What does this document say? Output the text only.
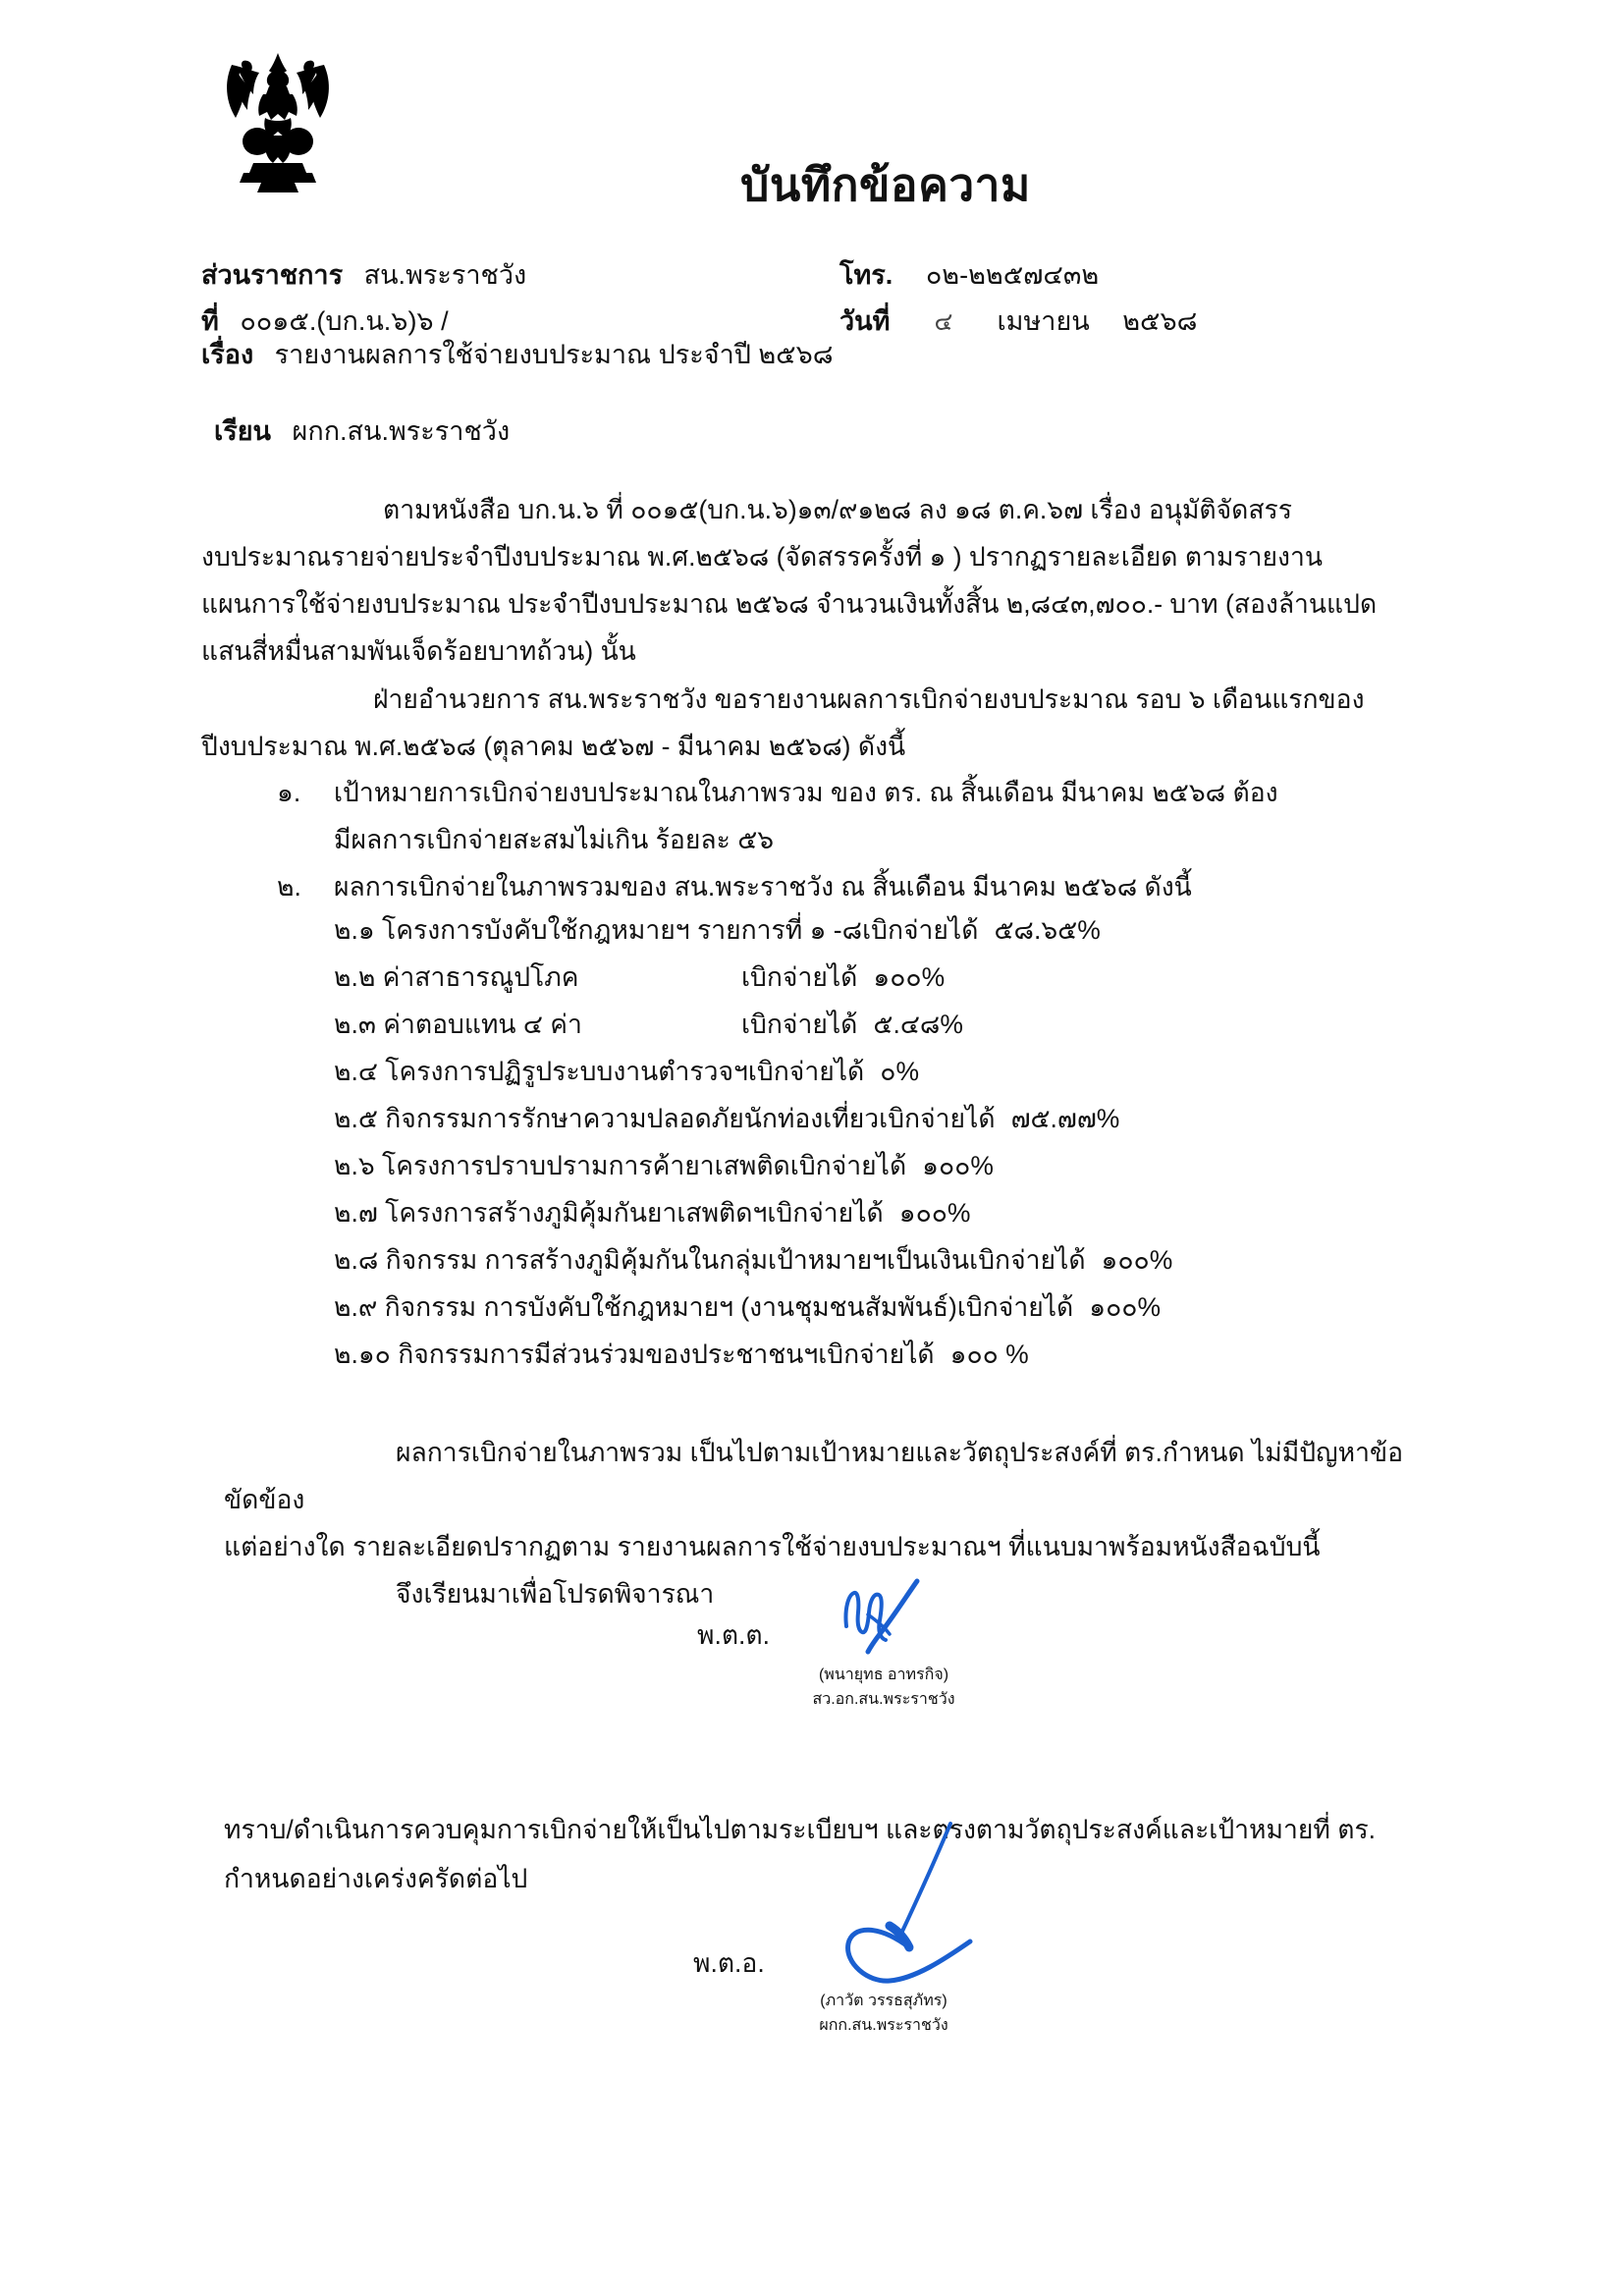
บันทึกข้อความ
ส่วนราชการ สน.พระราชวัง	โทร. ๐๒-๒๒๕๗๔๓๒
ที่ ๐๐๑๕.(บก.น.๖)๖ /	วันที่ ๔ เมษายน ๒๕๖๘
เรื่อง รายงานผลการใช้จ่ายงบประมาณ ประจำปี ๒๕๖๘
เรียน ผกก.สน.พระราชวัง
ตามหนังสือ บก.น.๖ ที่ ๐๐๑๕(บก.น.๖)๑๓/๙๑๒๘ ลง ๑๘ ต.ค.๖๗ เรื่อง อนุมัติจัดสรร
งบประมาณรายจ่ายประจำปีงบประมาณ พ.ศ.๒๕๖๘ (จัดสรรครั้งที่ ๑ ) ปรากฏรายละเอียด ตามรายงาน
แผนการใช้จ่ายงบประมาณ ประจำปีงบประมาณ ๒๕๖๘ จำนวนเงินทั้งสิ้น ๒,๘๔๓,๗๐๐.- บาท (สองล้านแปด
แสนสี่หมื่นสามพันเจ็ดร้อยบาทถ้วน) นั้น
ฝ่ายอำนวยการ สน.พระราชวัง ขอรายงานผลการเบิกจ่ายงบประมาณ รอบ ๖ เดือนแรกของ
ปีงบประมาณ พ.ศ.๒๕๖๘ (ตุลาคม ๒๕๖๗ - มีนาคม ๒๕๖๘) ดังนี้
๑.	เป้าหมายการเบิกจ่ายงบประมาณในภาพรวม ของ ตร. ณ สิ้นเดือน มีนาคม ๒๕๖๘ ต้อง
มีผลการเบิกจ่ายสะสมไม่เกิน ร้อยละ ๕๖
๒.	ผลการเบิกจ่ายในภาพรวมของ สน.พระราชวัง ณ สิ้นเดือน มีนาคม ๒๕๖๘ ดังนี้
๒.๑ โครงการบังคับใช้กฎหมายฯ รายการที่ ๑ -๘ เบิกจ่ายได้ ๕๘.๖๕%
๒.๒ ค่าสาธารณูปโภค	เบิกจ่ายได้ ๑๐๐%
๒.๓ ค่าตอบแทน ๔ ค่า	เบิกจ่ายได้ ๕.๔๘%
๒.๔ โครงการปฏิรูประบบงานตำรวจฯ เบิกจ่ายได้ ๐%
๒.๕ กิจกรรมการรักษาความปลอดภัยนักท่องเที่ยว เบิกจ่ายได้ ๗๕.๗๗%
๒.๖ โครงการปราบปรามการค้ายาเสพติด เบิกจ่ายได้ ๑๐๐%
๒.๗ โครงการสร้างภูมิคุ้มกันยาเสพติดฯ เบิกจ่ายได้ ๑๐๐%
๒.๘ กิจกรรม การสร้างภูมิคุ้มกันในกลุ่มเป้าหมายฯเป็นเงิน เบิกจ่ายได้ ๑๐๐%
๒.๙ กิจกรรม การบังคับใช้กฎหมายฯ (งานชุมชนสัมพันธ์) เบิกจ่ายได้ ๑๐๐%
๒.๑๐ กิจกรรมการมีส่วนร่วมของประชาชนฯ เบิกจ่ายได้ ๑๐๐ %
ผลการเบิกจ่ายในภาพรวม เป็นไปตามเป้าหมายและวัตถุประสงค์ที่ ตร.กำหนด ไม่มีปัญหาข้อขัดข้อง
แต่อย่างใด รายละเอียดปรากฏตาม รายงานผลการใช้จ่ายงบประมาณฯ ที่แนบมาพร้อมหนังสือฉบับนี้
จึงเรียนมาเพื่อโปรดพิจารณา
พ.ต.ต.
(พนายุทธ อาทรกิจ)
สว.อก.สน.พระราชวัง
ทราบ/ดำเนินการควบคุมการเบิกจ่ายให้เป็นไปตามระเบียบฯ และตรงตามวัตถุประสงค์และเป้าหมายที่ ตร.
กำหนดอย่างเคร่งครัดต่อไป
พ.ต.อ.
(ภาวัต วรรธสุภัทร)
ผกก.สน.พระราชวัง
